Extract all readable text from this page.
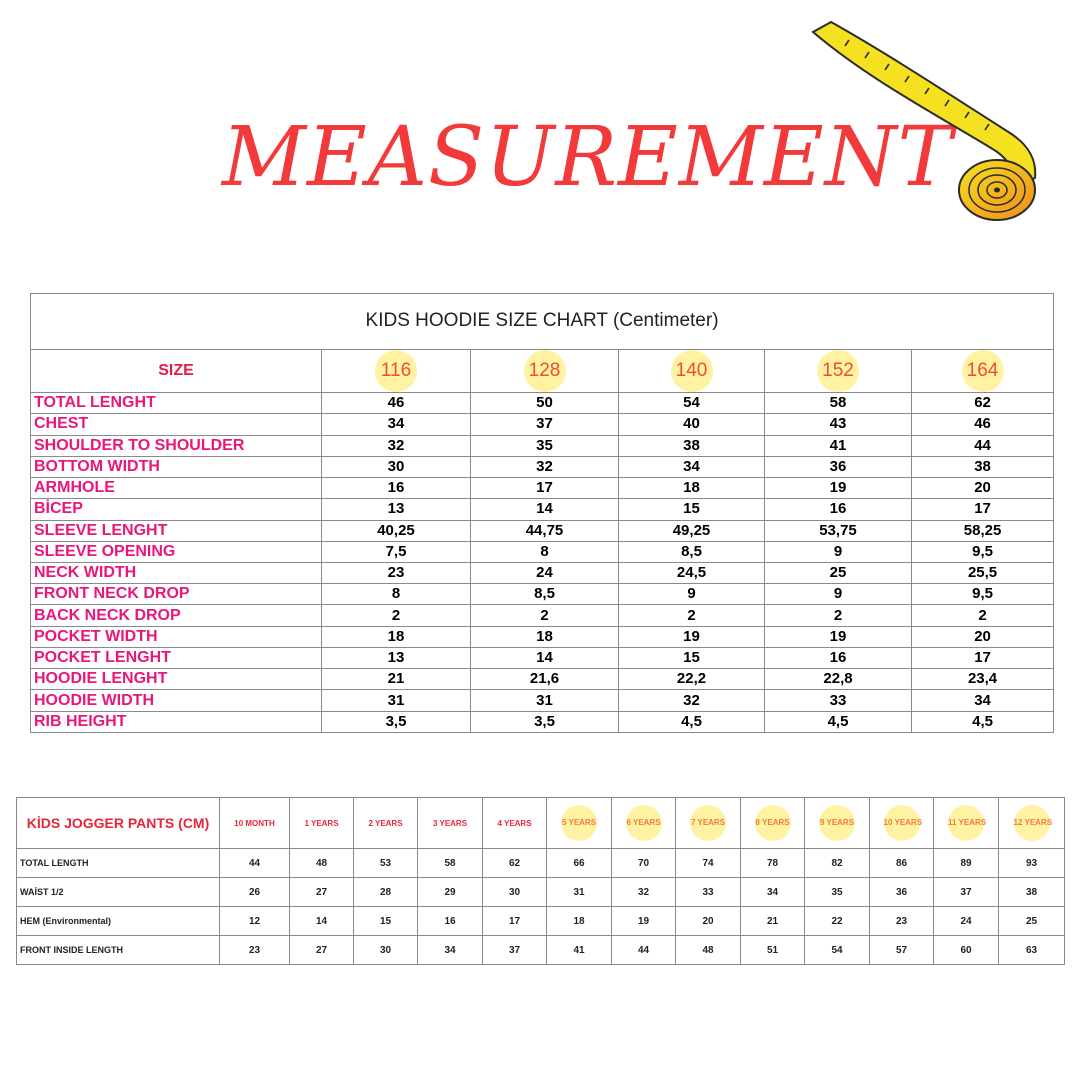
MEASUREMENT
KIDS HOODIE SIZE CHART (Centimeter)					
SIZE	116	128	140	152	164
TOTAL LENGHT	46	50	54	58	62
CHEST	34	37	40	43	46
SHOULDER TO SHOULDER	32	35	38	41	44
BOTTOM WIDTH	30	32	34	36	38
ARMHOLE	16	17	18	19	20
BİCEP	13	14	15	16	17
SLEEVE LENGHT	40,25	44,75	49,25	53,75	58,25
SLEEVE OPENING	7,5	8	8,5	9	9,5
NECK WIDTH	23	24	24,5	25	25,5
FRONT NECK DROP	8	8,5	9	9	9,5
BACK NECK DROP	2	2	2	2	2
POCKET WIDTH	18	18	19	19	20
POCKET LENGHT	13	14	15	16	17
HOODIE LENGHT	21	21,6	22,2	22,8	23,4
HOODIE WIDTH	31	31	32	33	34
RIB HEIGHT	3,5	3,5	4,5	4,5	4,5
KİDS JOGGER PANTS (CM)	10 MONTH	1 YEARS	2 YEARS	3 YEARS	4 YEARS	5 YEARS	6 YEARS	7 YEARS	8 YEARS	9 YEARS	10 YEARS	11 YEARS	12 YEARS
TOTAL LENGTH	44	48	53	58	62	66	70	74	78	82	86	89	93
WAİST 1/2	26	27	28	29	30	31	32	33	34	35	36	37	38
HEM (Environmental)	12	14	15	16	17	18	19	20	21	22	23	24	25
FRONT INSIDE LENGTH	23	27	30	34	37	41	44	48	51	54	57	60	63
